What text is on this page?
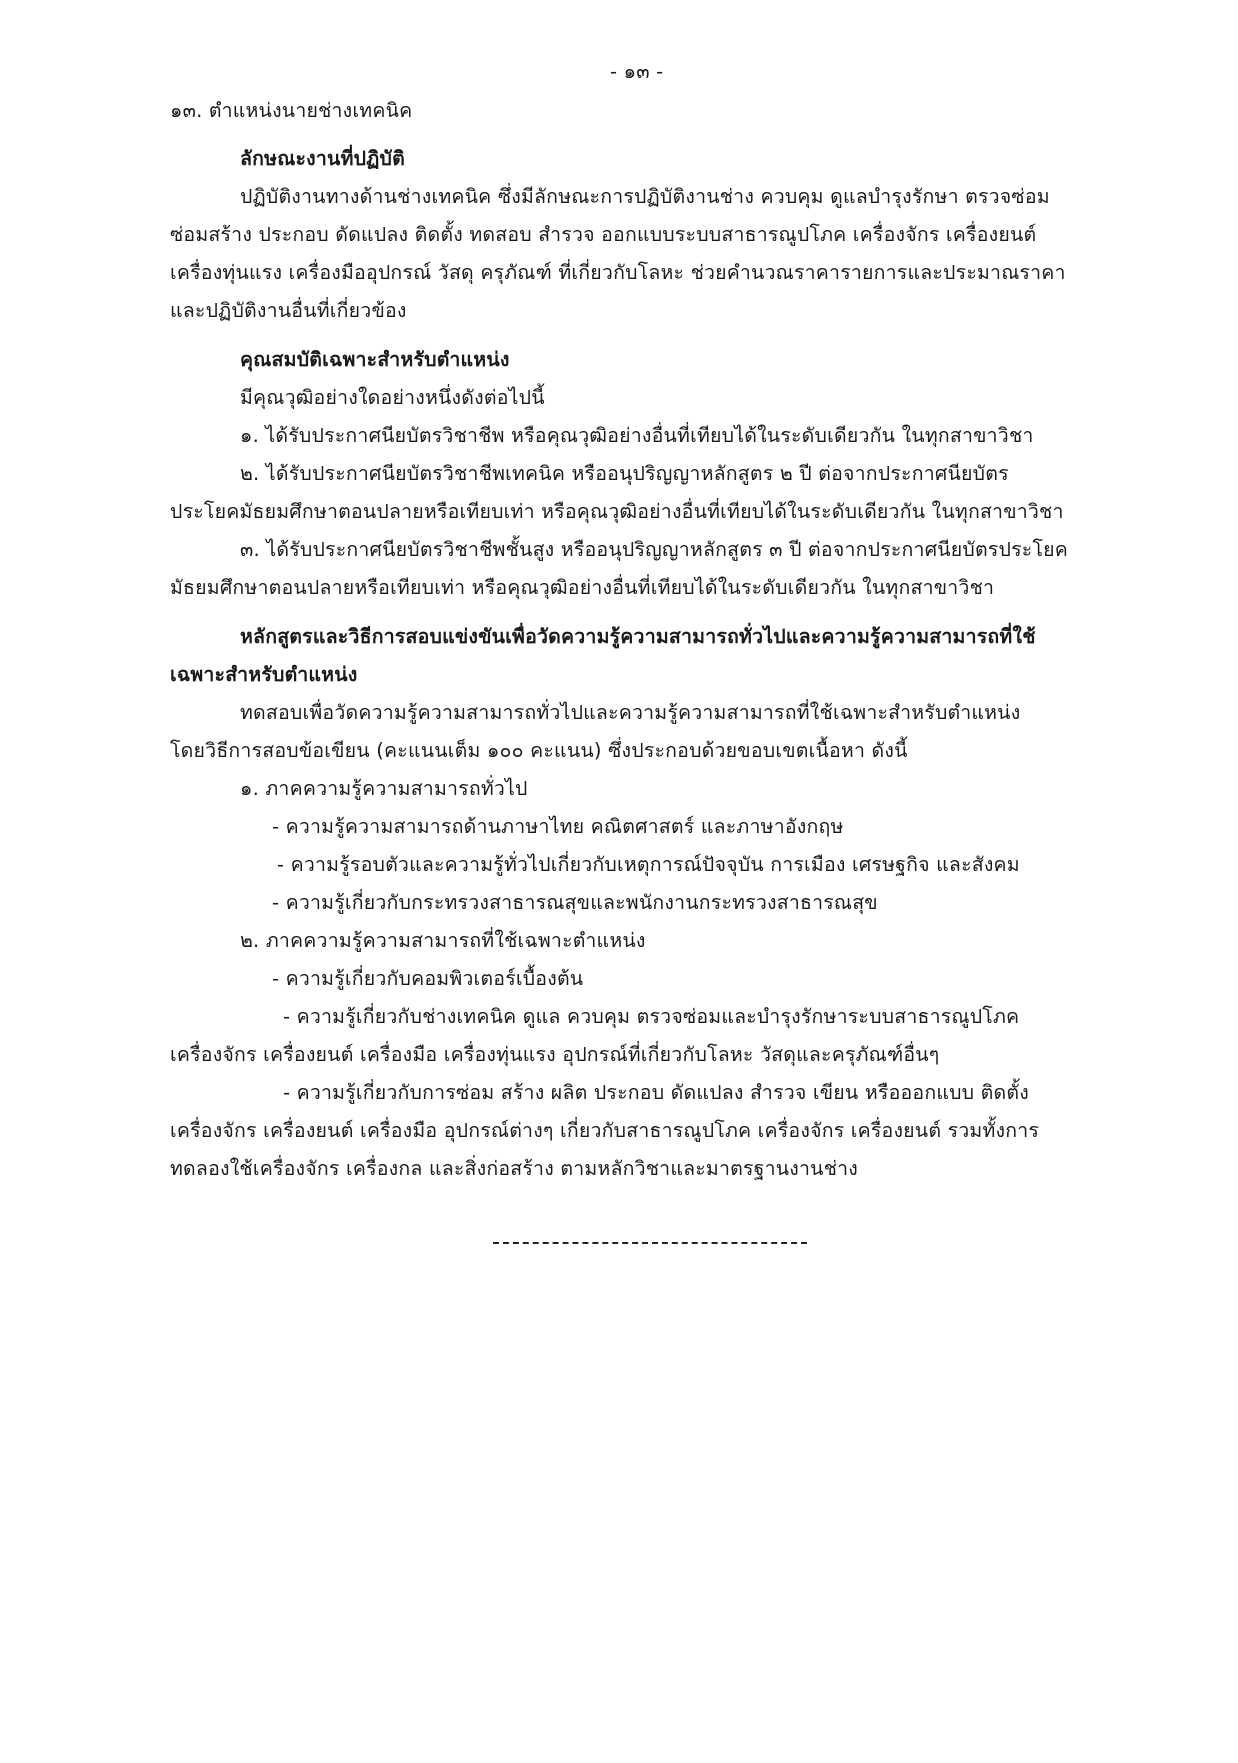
- ๑๓ -
๑๓. ตำแหน่งนายช่างเทคนิค
ลักษณะงานที่ปฏิบัติ
ปฏิบัติงานทางด้านช่างเทคนิค ซึ่งมีลักษณะการปฏิบัติงานช่าง ควบคุม ดูแลบำรุงรักษา ตรวจซ่อม
ซ่อมสร้าง ประกอบ ดัดแปลง ติดตั้ง ทดสอบ สำรวจ ออกแบบระบบสาธารณูปโภค เครื่องจักร เครื่องยนต์
เครื่องทุ่นแรง เครื่องมืออุปกรณ์ วัสดุ ครุภัณฑ์ ที่เกี่ยวกับโลหะ ช่วยคำนวณราคารายการและประมาณราคา
และปฏิบัติงานอื่นที่เกี่ยวข้อง
คุณสมบัติเฉพาะสำหรับตำแหน่ง
มีคุณวุฒิอย่างใดอย่างหนึ่งดังต่อไปนี้
๑. ได้รับประกาศนียบัตรวิชาชีพ หรือคุณวุฒิอย่างอื่นที่เทียบได้ในระดับเดียวกัน ในทุกสาขาวิชา
๒. ได้รับประกาศนียบัตรวิชาชีพเทคนิค หรืออนุปริญญาหลักสูตร ๒ ปี ต่อจากประกาศนียบัตร
ประโยคมัธยมศึกษาตอนปลายหรือเทียบเท่า หรือคุณวุฒิอย่างอื่นที่เทียบได้ในระดับเดียวกัน ในทุกสาขาวิชา
๓. ได้รับประกาศนียบัตรวิชาชีพชั้นสูง หรืออนุปริญญาหลักสูตร ๓ ปี ต่อจากประกาศนียบัตรประโยค
มัธยมศึกษาตอนปลายหรือเทียบเท่า หรือคุณวุฒิอย่างอื่นที่เทียบได้ในระดับเดียวกัน ในทุกสาขาวิชา
หลักสูตรและวิธีการสอบแข่งขันเพื่อวัดความรู้ความสามารถทั่วไปและความรู้ความสามารถที่ใช้
เฉพาะสำหรับตำแหน่ง
ทดสอบเพื่อวัดความรู้ความสามารถทั่วไปและความรู้ความสามารถที่ใช้เฉพาะสำหรับตำแหน่ง
โดยวิธีการสอบข้อเขียน (คะแนนเต็ม ๑๐๐ คะแนน) ซึ่งประกอบด้วยขอบเขตเนื้อหา ดังนี้
๑. ภาคความรู้ความสามารถทั่วไป
- ความรู้ความสามารถด้านภาษาไทย คณิตศาสตร์ และภาษาอังกฤษ
- ความรู้รอบตัวและความรู้ทั่วไปเกี่ยวกับเหตุการณ์ปัจจุบัน การเมือง เศรษฐกิจ และสังคม
- ความรู้เกี่ยวกับกระทรวงสาธารณสุขและพนักงานกระทรวงสาธารณสุข
๒. ภาคความรู้ความสามารถที่ใช้เฉพาะตำแหน่ง
- ความรู้เกี่ยวกับคอมพิวเตอร์เบื้องต้น
- ความรู้เกี่ยวกับช่างเทคนิค ดูแล ควบคุม ตรวจซ่อมและบำรุงรักษาระบบสาธารณูปโภค
เครื่องจักร เครื่องยนต์ เครื่องมือ เครื่องทุ่นแรง อุปกรณ์ที่เกี่ยวกับโลหะ วัสดุและครุภัณฑ์อื่นๆ
- ความรู้เกี่ยวกับการซ่อม สร้าง ผลิต ประกอบ ดัดแปลง สำรวจ เขียน หรือออกแบบ ติดตั้ง
เครื่องจักร เครื่องยนต์ เครื่องมือ อุปกรณ์ต่างๆ เกี่ยวกับสาธารณูปโภค เครื่องจักร เครื่องยนต์ รวมทั้งการ
ทดลองใช้เครื่องจักร เครื่องกล และสิ่งก่อสร้าง ตามหลักวิชาและมาตรฐานงานช่าง
